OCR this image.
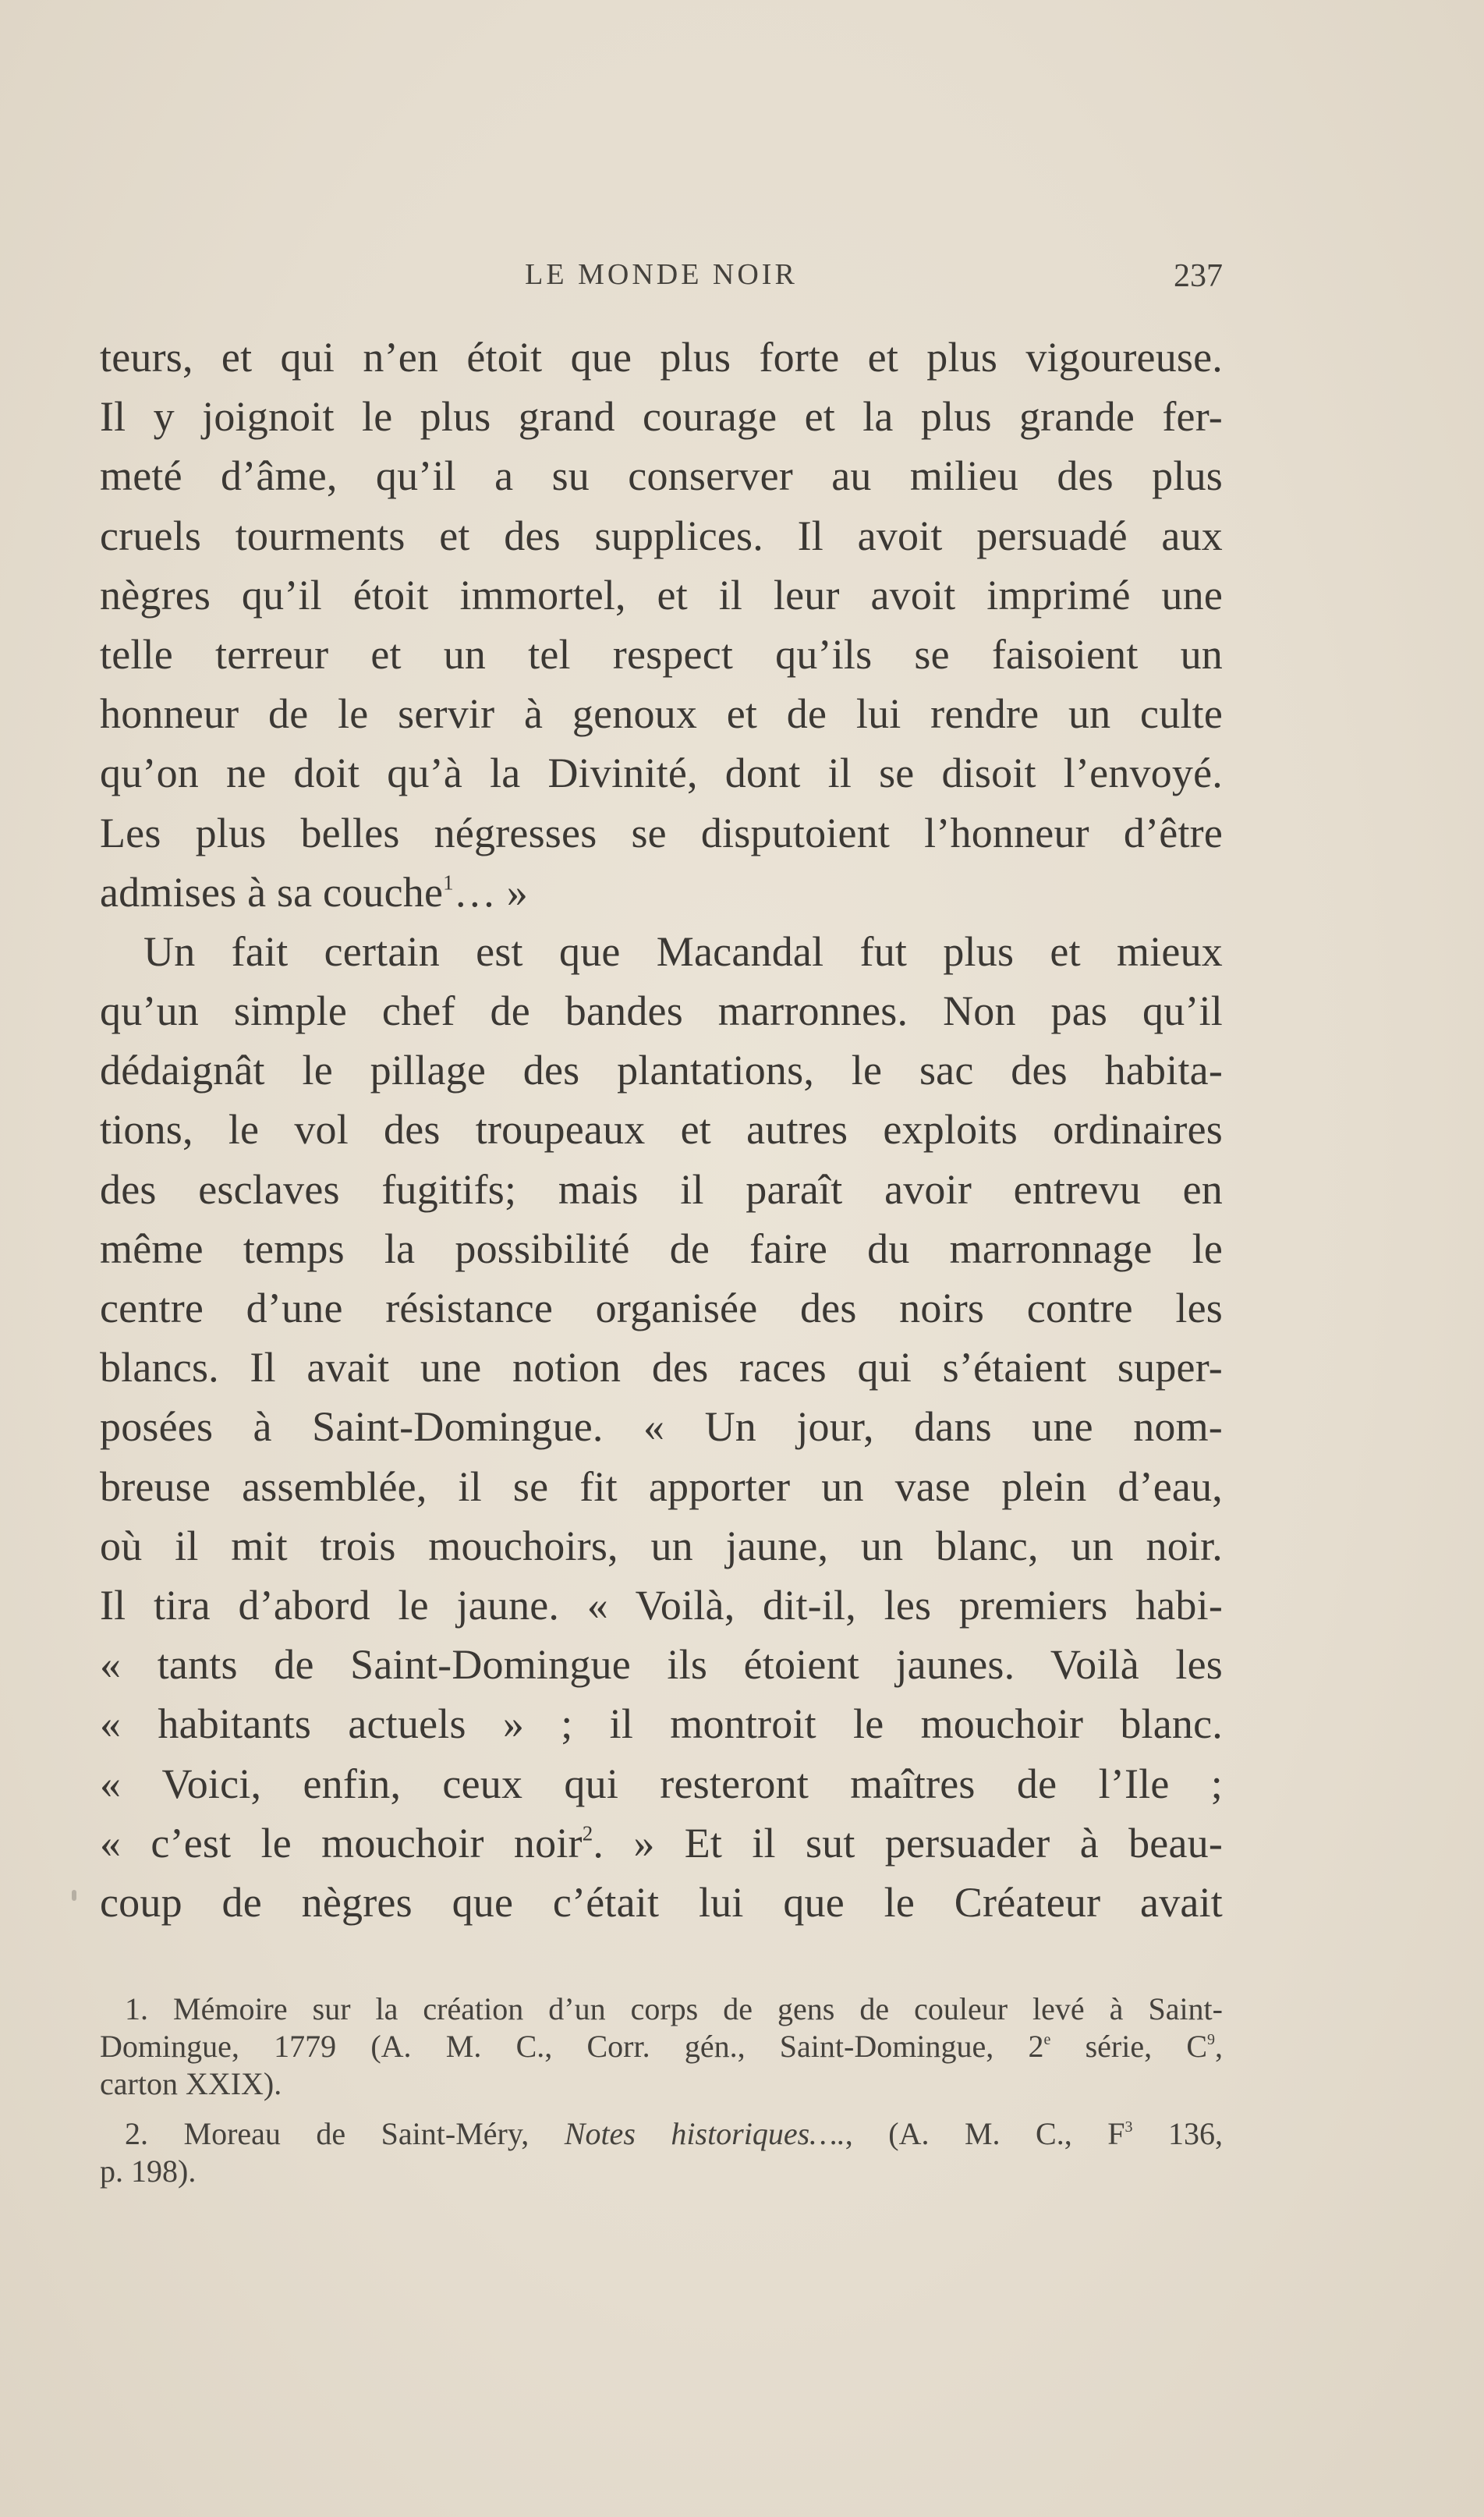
LE MONDE NOIR	237
teurs, et qui n’en étoit que plus forte et plus vigoureuse.
Il y joignoit le plus grand courage et la plus grande fer-
meté d’âme, qu’il a su conserver au milieu des plus
cruels tourments et des supplices. Il avoit persuadé aux
nègres qu’il étoit immortel, et il leur avoit imprimé une
telle terreur et un tel respect qu’ils se faisoient un
honneur de le servir à genoux et de lui rendre un culte
qu’on ne doit qu’à la Divinité, dont il se disoit l’envoyé.
Les plus belles négresses se disputoient l’honneur d’être
admises à sa couche$^1$… »
Un fait certain est que Macandal fut plus et mieux
qu’un simple chef de bandes marronnes. Non pas qu’il
dédaignât le pillage des plantations, le sac des habita-
tions, le vol des troupeaux et autres exploits ordinaires
des esclaves fugitifs; mais il paraît avoir entrevu en
même temps la possibilité de faire du marronnage le
centre d’une résistance organisée des noirs contre les
blancs. Il avait une notion des races qui s’étaient super-
posées à Saint-Domingue. « Un jour, dans une nom-
breuse assemblée, il se fit apporter un vase plein d’eau,
où il mit trois mouchoirs, un jaune, un blanc, un noir.
Il tira d’abord le jaune. « Voilà, dit-il, les premiers habi-
« tants de Saint-Domingue ils étoient jaunes. Voilà les
« habitants actuels » ; il montroit le mouchoir blanc.
« Voici, enfin, ceux qui resteront maîtres de l’Ile ;
« c’est le mouchoir noir$^2$. » Et il sut persuader à beau-
coup de nègres que c’était lui que le Créateur avait
1. Mémoire sur la création d’un corps de gens de couleur levé à Saint-
Domingue, 1779 (A. M. C., Corr. gén., Saint-Domingue, 2e série, $C^9$,
carton XXIX).
2. Moreau de Saint-Méry, Notes historiques…., (A. M. C., $F^3$ 136,
p. 198).
